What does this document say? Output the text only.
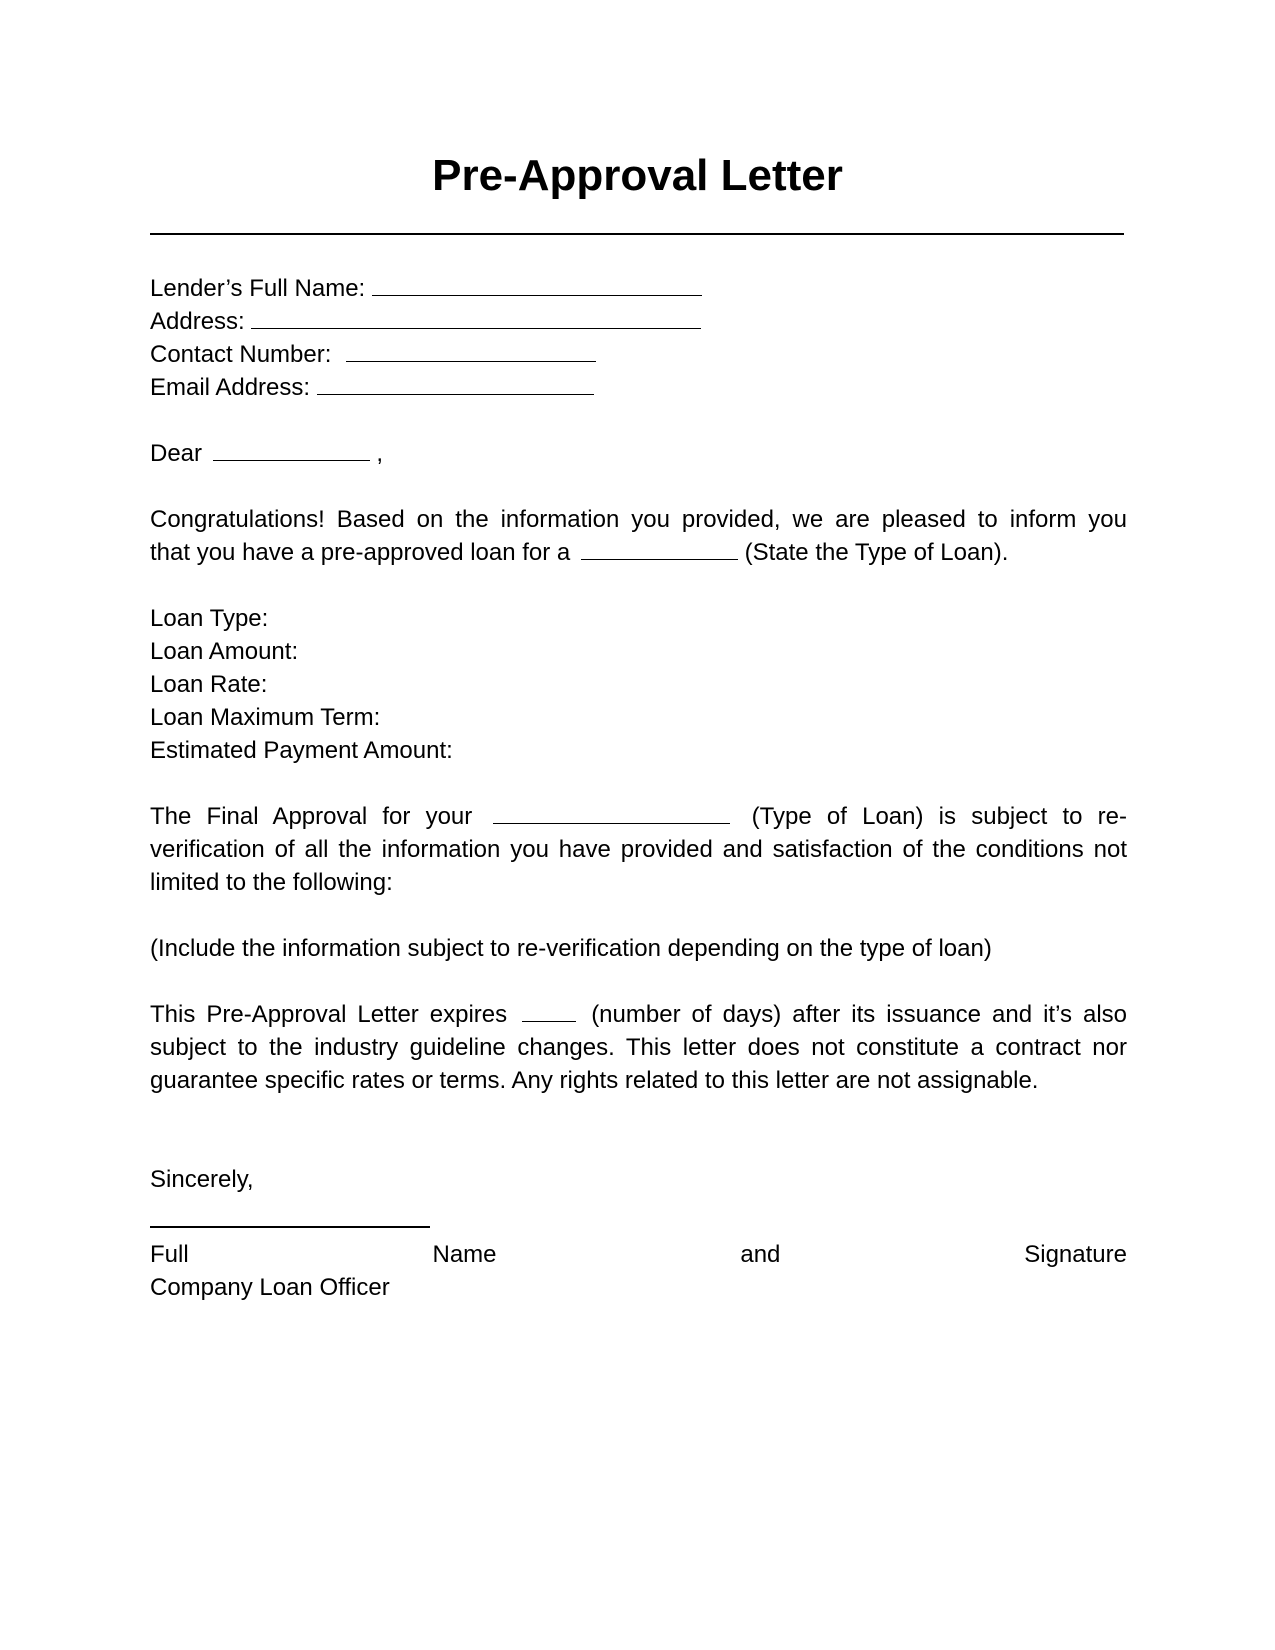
Pre-Approval Letter
Lender’s Full Name:
Address:
Contact Number:
Email Address:
Dear	,
Congratulations! Based on the information you provided, we are pleased to inform you
that you have a pre-approved loan for a	(State the Type of Loan).
Loan Type:
Loan Amount:
Loan Rate:
Loan Maximum Term:
Estimated Payment Amount:
The Final Approval for your	(Type of Loan) is subject to re-verification of all the information you have provided and satisfaction of the conditions not limited to the following:
(Include the information subject to re-verification depending on the type of loan)
This Pre-Approval Letter expires	(number of days) after its issuance and it’s also subject to the industry guideline changes. This letter does not constitute a contract nor guarantee specific rates or terms. Any rights related to this letter are not assignable.
Sincerely,
Full	Name	and	Signature
Company Loan Officer
